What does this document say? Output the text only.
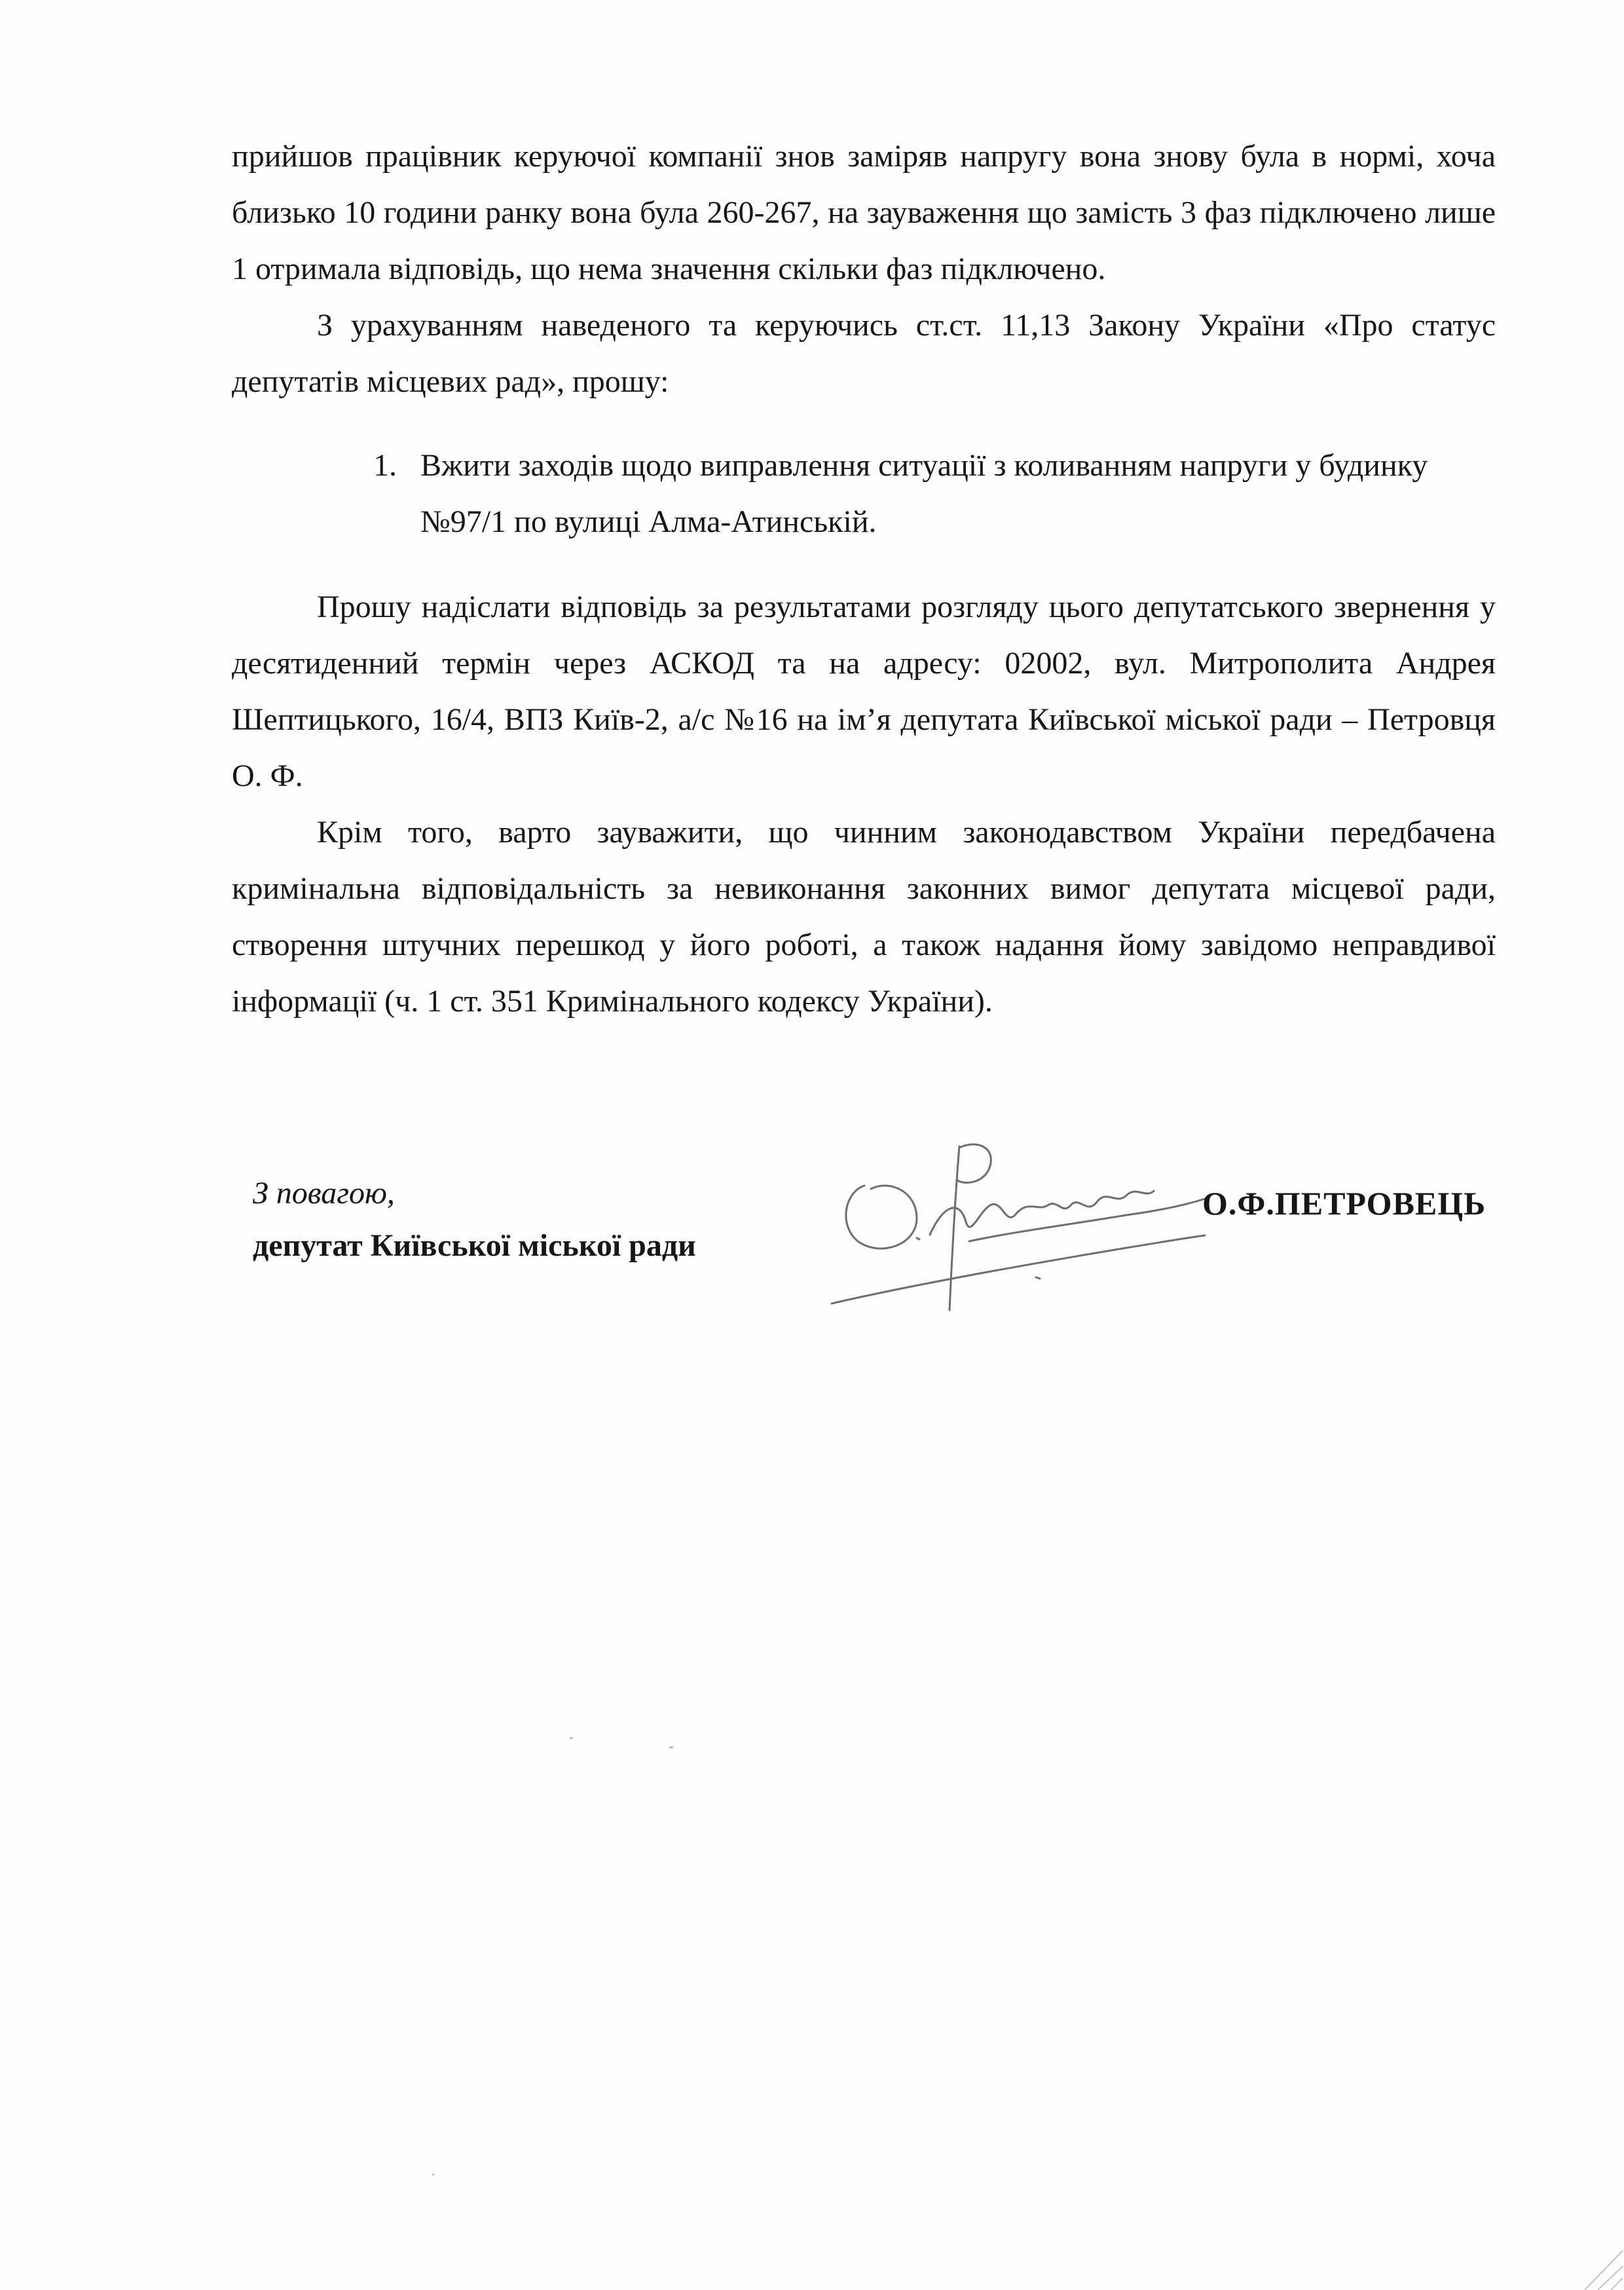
прийшов працівник керуючої компанії знов заміряв напругу вона знову була в нормі, хоча близько 10 години ранку вона була 260-267, на зауваження що замість 3 фаз підключено лише 1 отримала відповідь, що нема значення скільки фаз підключено.

З урахуванням наведеного та керуючись ст.ст. 11,13 Закону України «Про статус депутатів місцевих рад», прошу:

1. Вжити заходів щодо виправлення ситуації з коливанням напруги у будинку №97/1 по вулиці Алма-Атинській.

Прошу надіслати відповідь за результатами розгляду цього депутатського звернення у десятиденний термін через АСКОД та на адресу: 02002, вул. Митрополита Андрея Шептицького, 16/4, ВПЗ Київ-2, а/с №16 на ім’я депутата Київської міської ради – Петровця О. Ф.

Крім того, варто зауважити, що чинним законодавством України передбачена кримінальна відповідальність за невиконання законних вимог депутата місцевої ради, створення штучних перешкод у його роботі, а також надання йому завідомо неправдивої інформації (ч. 1 ст. 351 Кримінального кодексу України).

З повагою,
депутат Київської міської ради
О.Ф.ПЕТРОВЕЦЬ
